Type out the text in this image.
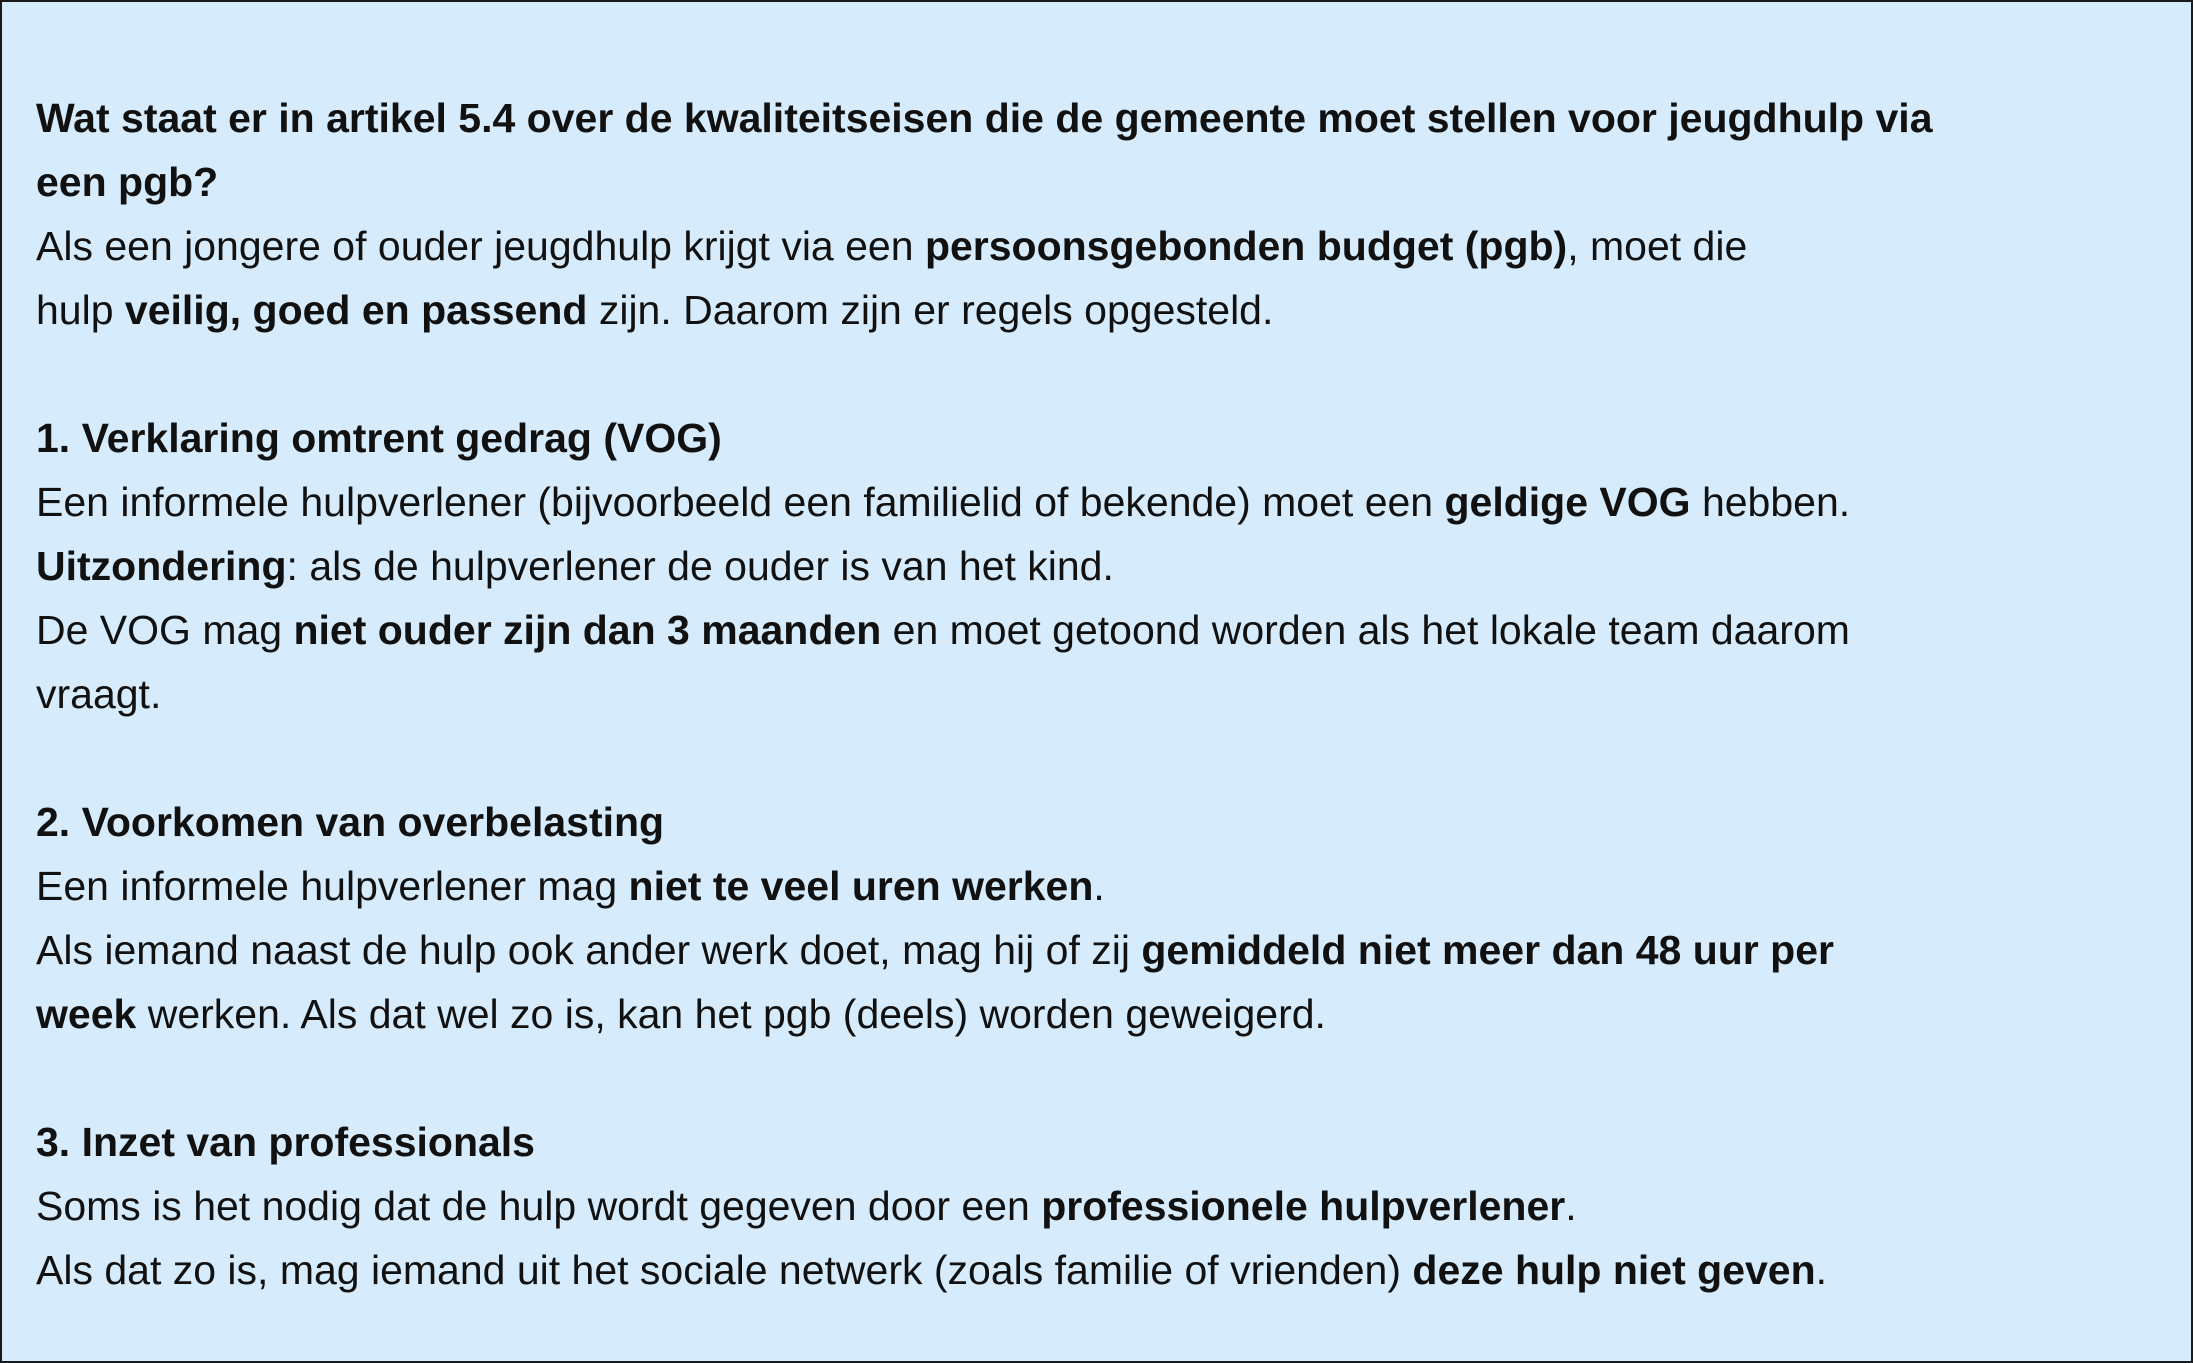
Wat staat er in artikel 5.4 over de kwaliteitseisen die de gemeente moet stellen voor jeugdhulp via
een pgb?
Als een jongere of ouder jeugdhulp krijgt via een persoonsgebonden budget (pgb), moet die
hulp veilig, goed en passend zijn. Daarom zijn er regels opgesteld.
1. Verklaring omtrent gedrag (VOG)
Een informele hulpverlener (bijvoorbeeld een familielid of bekende) moet een geldige VOG hebben.
Uitzondering: als de hulpverlener de ouder is van het kind.
De VOG mag niet ouder zijn dan 3 maanden en moet getoond worden als het lokale team daarom
vraagt.
2. Voorkomen van overbelasting
Een informele hulpverlener mag niet te veel uren werken.
Als iemand naast de hulp ook ander werk doet, mag hij of zij gemiddeld niet meer dan 48 uur per
week werken. Als dat wel zo is, kan het pgb (deels) worden geweigerd.
3. Inzet van professionals
Soms is het nodig dat de hulp wordt gegeven door een professionele hulpverlener.
Als dat zo is, mag iemand uit het sociale netwerk (zoals familie of vrienden) deze hulp niet geven.
